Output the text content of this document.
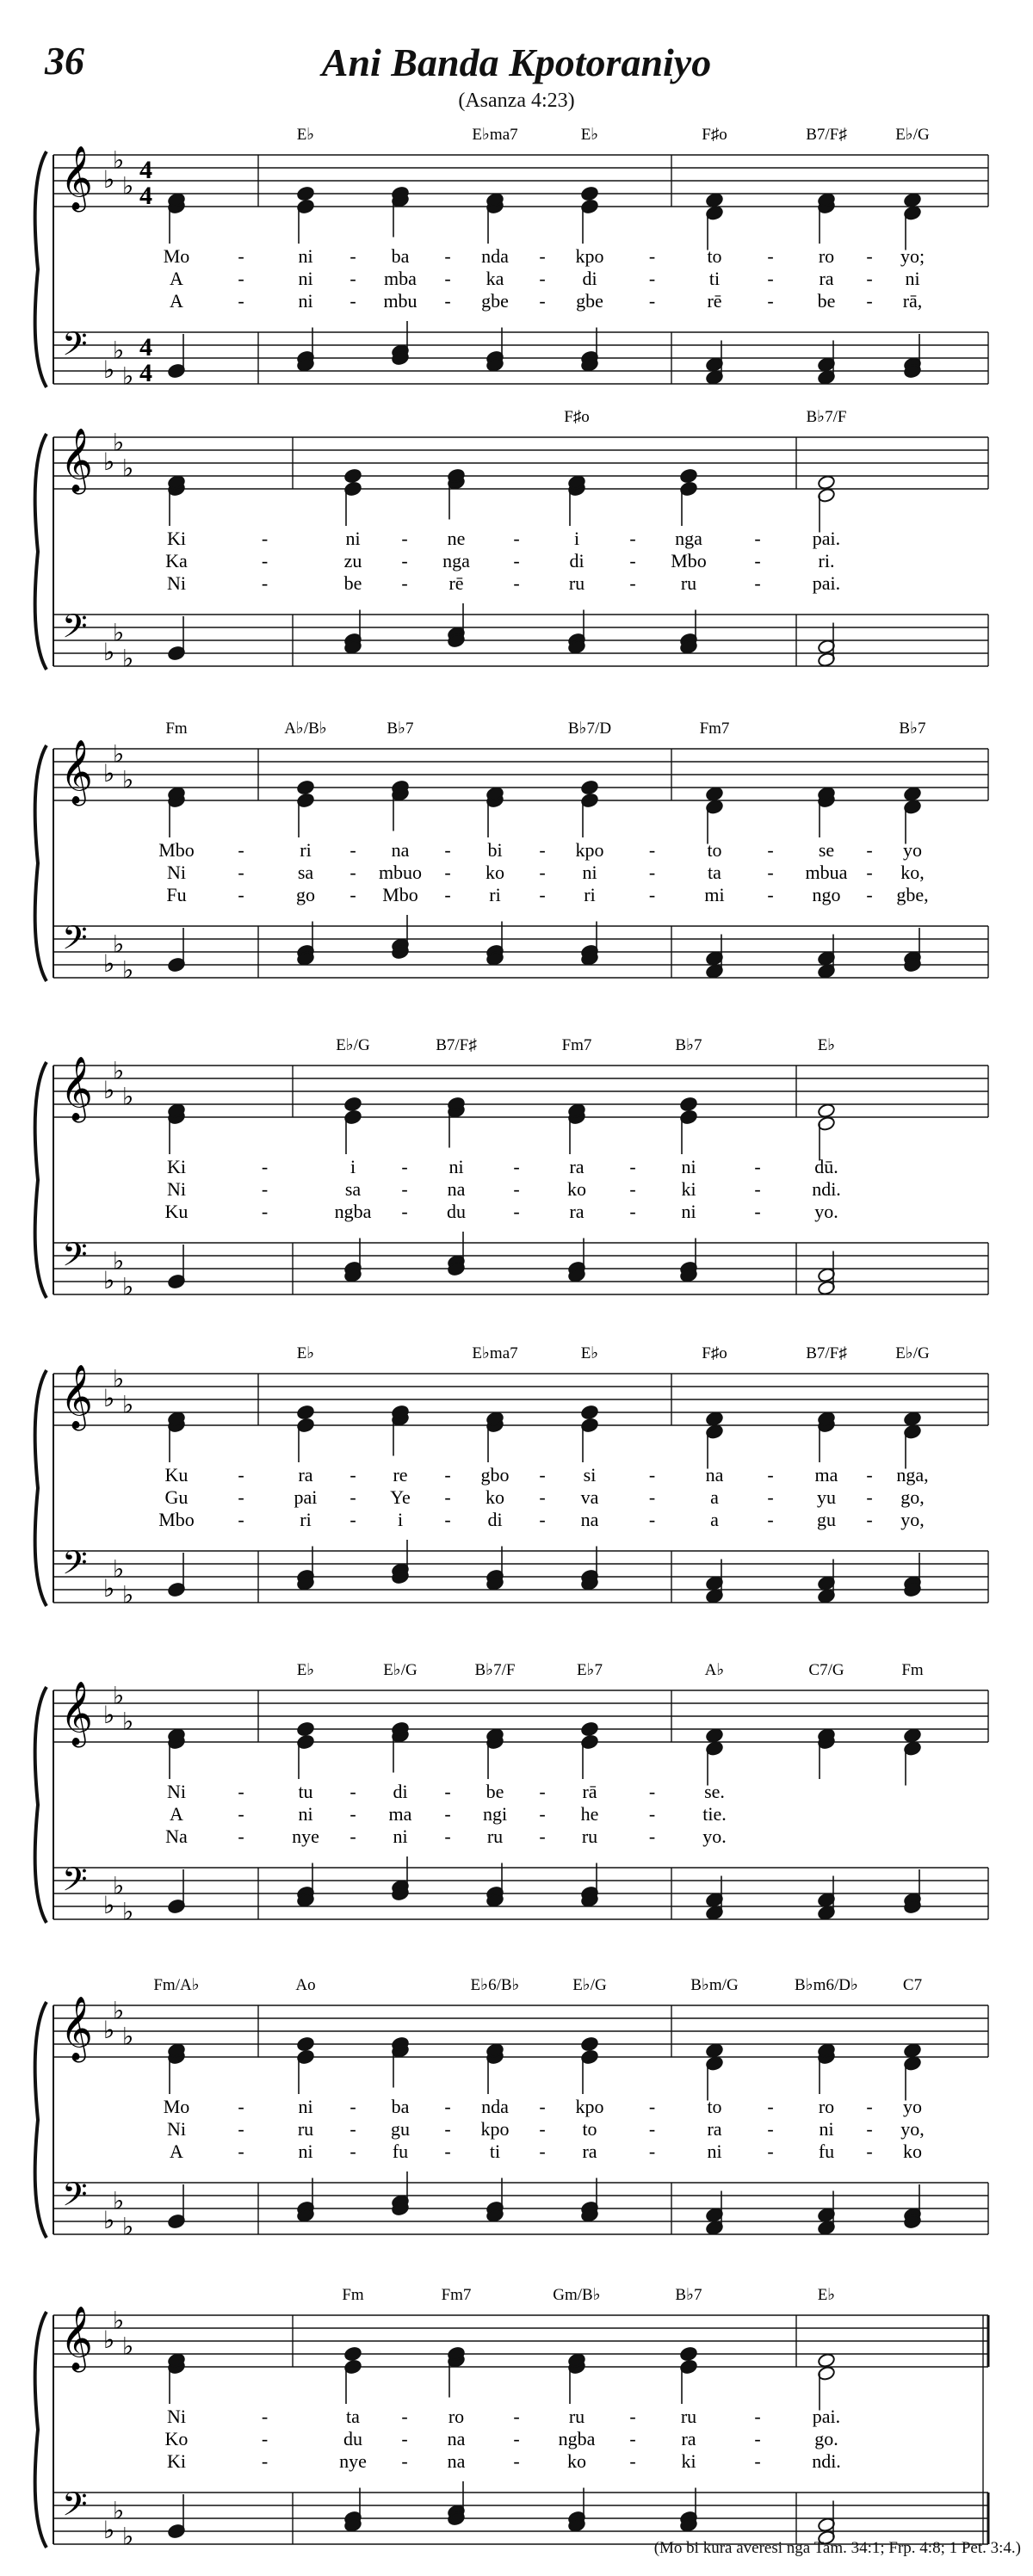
36	Ani Banda Kpotoraniyo
(Asanza 4:23)
𝄞
𝄢
♭
♭
♭
♭
♭
♭
4
4
4
4
Mo	-
A	-
A	-
E♭
ni -
ni -
ni -
ba -
mba -
mbu -
E♭ma7
nda -
ka -
gbe -
E♭
kpo -
di	-
gbe -
F♯o
to -
ti	-
rē -
B7/F♯
ro -
ra -
be -
E♭/G
yo;
ni
rā,
𝄞
𝄢
♭
♭
♭
♭
♭
♭
Ki	-
Ka	-
Ni	-
ni -
zu -
be -
ne	-
nga -
rē	-
F♯o
i	-
di -
ru -
nga	-
Mbo	-
ru	-
B♭7/F
pai.
ri.
pai.
𝄞
𝄢
♭
♭
♭
♭
♭
♭
Fm
Mbo -
Ni	-
Fu	-
A♭/B♭
ri -
sa -
go -
B♭7
na -
mbuo -
Mbo -
bi -
ko -
ri -
B♭7/D
kpo -
ni	-
ri	-
Fm7
to -
ta -
mi -
se -
mbua -
ngo -
B♭7
yo
ko,
gbe,
𝄞
𝄢
♭
♭
♭
♭
♭
♭
Ki	-
Ni	-
Ku	-
E♭/G
i -
sa -
ngba -
B7/F♯
ni	-
na	-
du	-
Fm7
ra -
ko -
ra -
B♭7
ni	-
ki	-
ni	-
E♭
dū.
ndi.
yo.
𝄞
𝄢
♭
♭
♭
♭
♭
♭
Ku	-
Gu	-
Mbo -
E♭
ra -
pai -
ri -
re -
Ye -
i -
E♭ma7
gbo -
ko -
di -
E♭
si	-
va	-
na	-
F♯o
na -
a	-
a	-
B7/F♯
ma -
yu -
gu -
E♭/G
nga,
go,
yo,
𝄞
𝄢
♭
♭
♭
♭
♭
♭
Ni	-
A	-
Na	-
E♭
tu -
ni -
nye -
E♭/G
di -
ma -
ni -
B♭7/F
be -
ngi -
ru -
E♭7
rā	-
he	-
ru	-
A♭
se.
tie.
yo.
C7/G	Fm
𝄞
𝄢
♭
♭
♭
♭
♭
♭
Fm/A♭
Mo	-
Ni	-
A	-
Ao
ni -
ru -
ni -
ba -
gu -
fu -
E♭6/B♭
nda -
kpo -
ti -
E♭/G
kpo -
to	-
ra	-
B♭m/G
to -
ra -
ni -
B♭m6/D♭
ro -
ni -
fu -
C7
yo
yo,
ko
𝄞
𝄢
♭
♭
♭
♭
♭
♭
Ni	-
Ko	-
Ki	-
Fm
ta -
du -
nye -
Fm7
ro	-
na	-
na	-
Gm/B♭
ru -
ngba -
ko -
B♭7
ru	-
ra	-
ki	-
E♭
pai.
go.
ndi.
(Mo bi kura averesi nga Tam. 34:1; Frp. 4:8; 1 Pet. 3:4.)
